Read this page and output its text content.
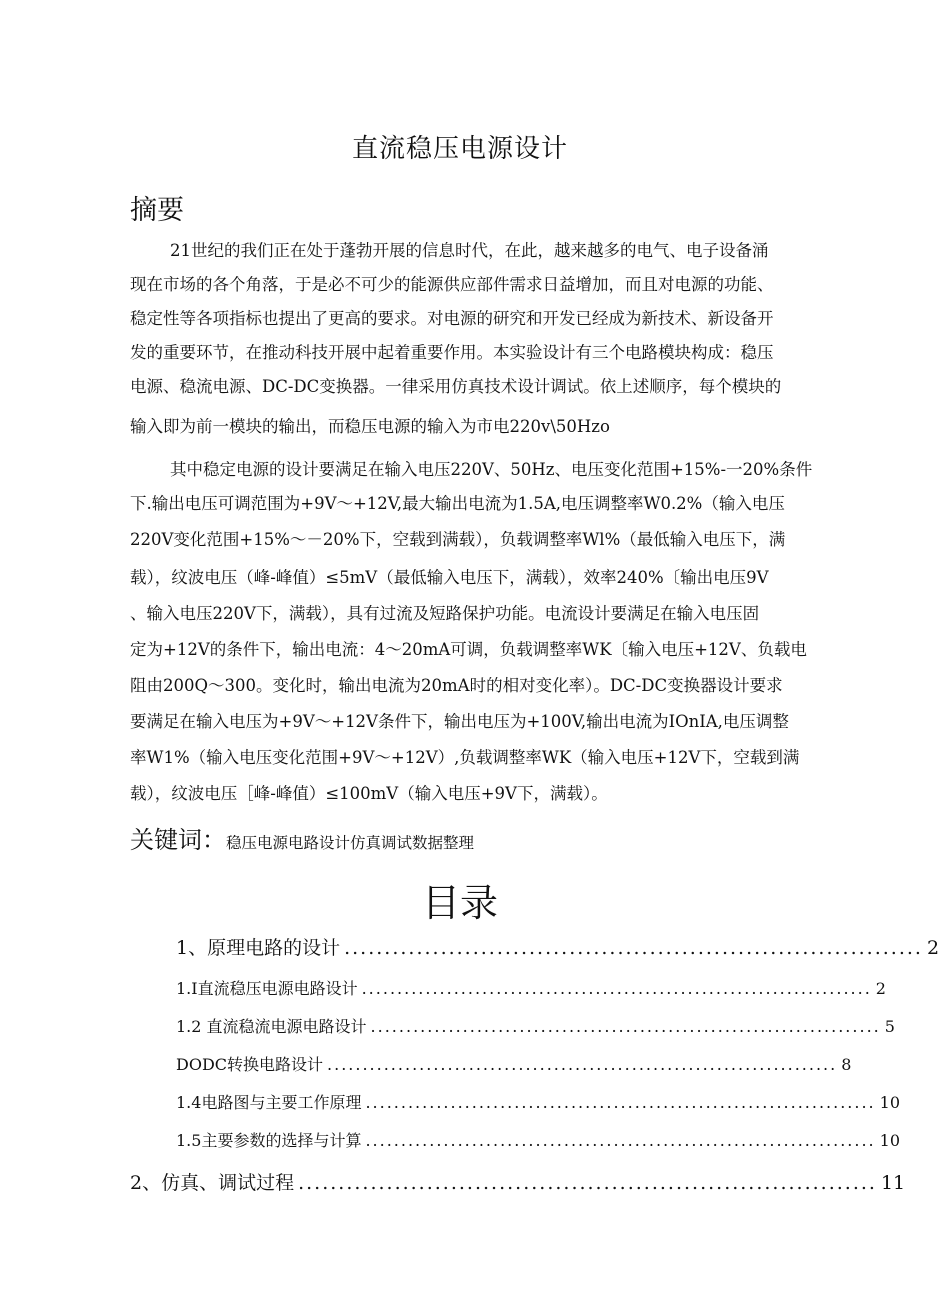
直流稳压电源设计
摘要
21世纪的我们正在处于蓬勃开展的信息时代，在此，越来越多的电气、电子设备涌
现在市场的各个角落，于是必不可少的能源供应部件需求日益增加，而且对电源的功能、
稳定性等各项指标也提出了更高的要求。对电源的研究和开发已经成为新技术、新设备开
发的重要环节，在推动科技开展中起着重要作用。本实验设计有三个电路模块构成：稳压
电源、稳流电源、DC-DC变换器。一律采用仿真技术设计调试。依上述顺序，每个模块的
输入即为前一模块的输出，而稳压电源的输入为市电220v\50Hzo
其中稳定电源的设计要满足在输入电压220V、50Hz、电压变化范围+15%-一20%条件
下.输出电压可调范围为+9V～+12V,最大输出电流为1.5A,电压调整率W0.2%（输入电压
220V变化范围+15%～－20%下，空载到满载），负载调整率Wl%（最低输入电压下，满
载），纹波电压（峰-峰值）≤5mV（最低输入电压下，满载），效率240%〔输出电压9V
、输入电压220V下，满载），具有过流及短路保护功能。电流设计要满足在输入电压固
定为+12V的条件下，输出电流：4～20mA可调，负载调整率WK〔输入电压+12V、负载电
阻由200Q～300。变化时，输出电流为20mA时的相对变化率）。DC-DC变换器设计要求
要满足在输入电压为+9V～+12V条件下，输出电压为+100V,输出电流为IOnIA,电压调整
率W1%（输入电压变化范围+9V～+12V）,负载调整率WK（输入电压+12V下，空载到满
载），纹波电压［峰-峰值）≤100mV（输入电压+9V下，满载）。
关键词：稳压电源电路设计仿真调试数据整理
目录
1、原理电路的设计 ........................................................................ 2
1.I直流稳压电源电路设计 ........................................................................ 2
1.2 直流稳流电源电路设计 ........................................................................ 5
DODC转换电路设计 ........................................................................ 8
1.4电路图与主要工作原理 ........................................................................ 10
1.5主要参数的选择与计算 ........................................................................ 10
2、仿真、调试过程 ........................................................................ 11
